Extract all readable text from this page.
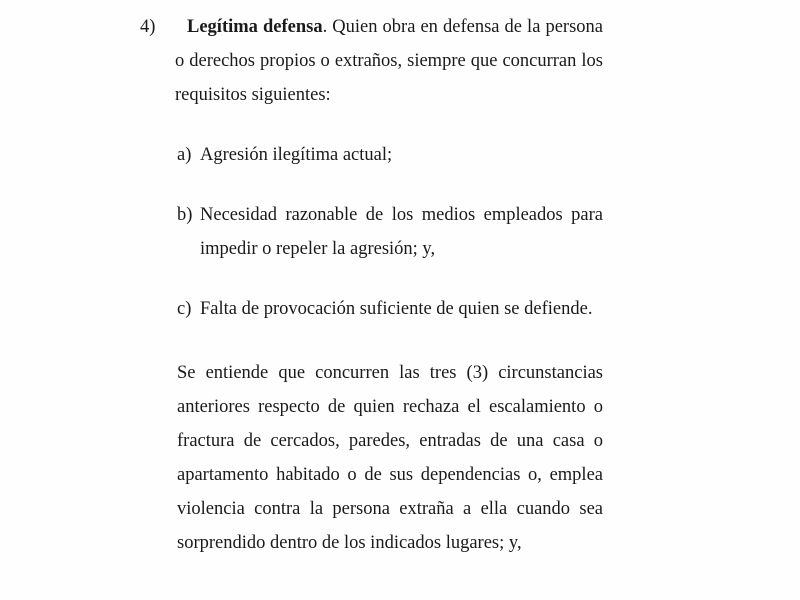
4) Legítima defensa. Quien obra en defensa de la persona o derechos propios o extraños, siempre que concurran los requisitos siguientes:
a) Agresión ilegítima actual;
b) Necesidad razonable de los medios empleados para impedir o repeler la agresión; y,
c) Falta de provocación suficiente de quien se defiende.
Se entiende que concurren las tres (3) circunstancias anteriores respecto de quien rechaza el escalamiento o fractura de cercados, paredes, entradas de una casa o apartamento habitado o de sus dependencias o, emplea violencia contra la persona extraña a ella cuando sea sorprendido dentro de los indicados lugares; y,
